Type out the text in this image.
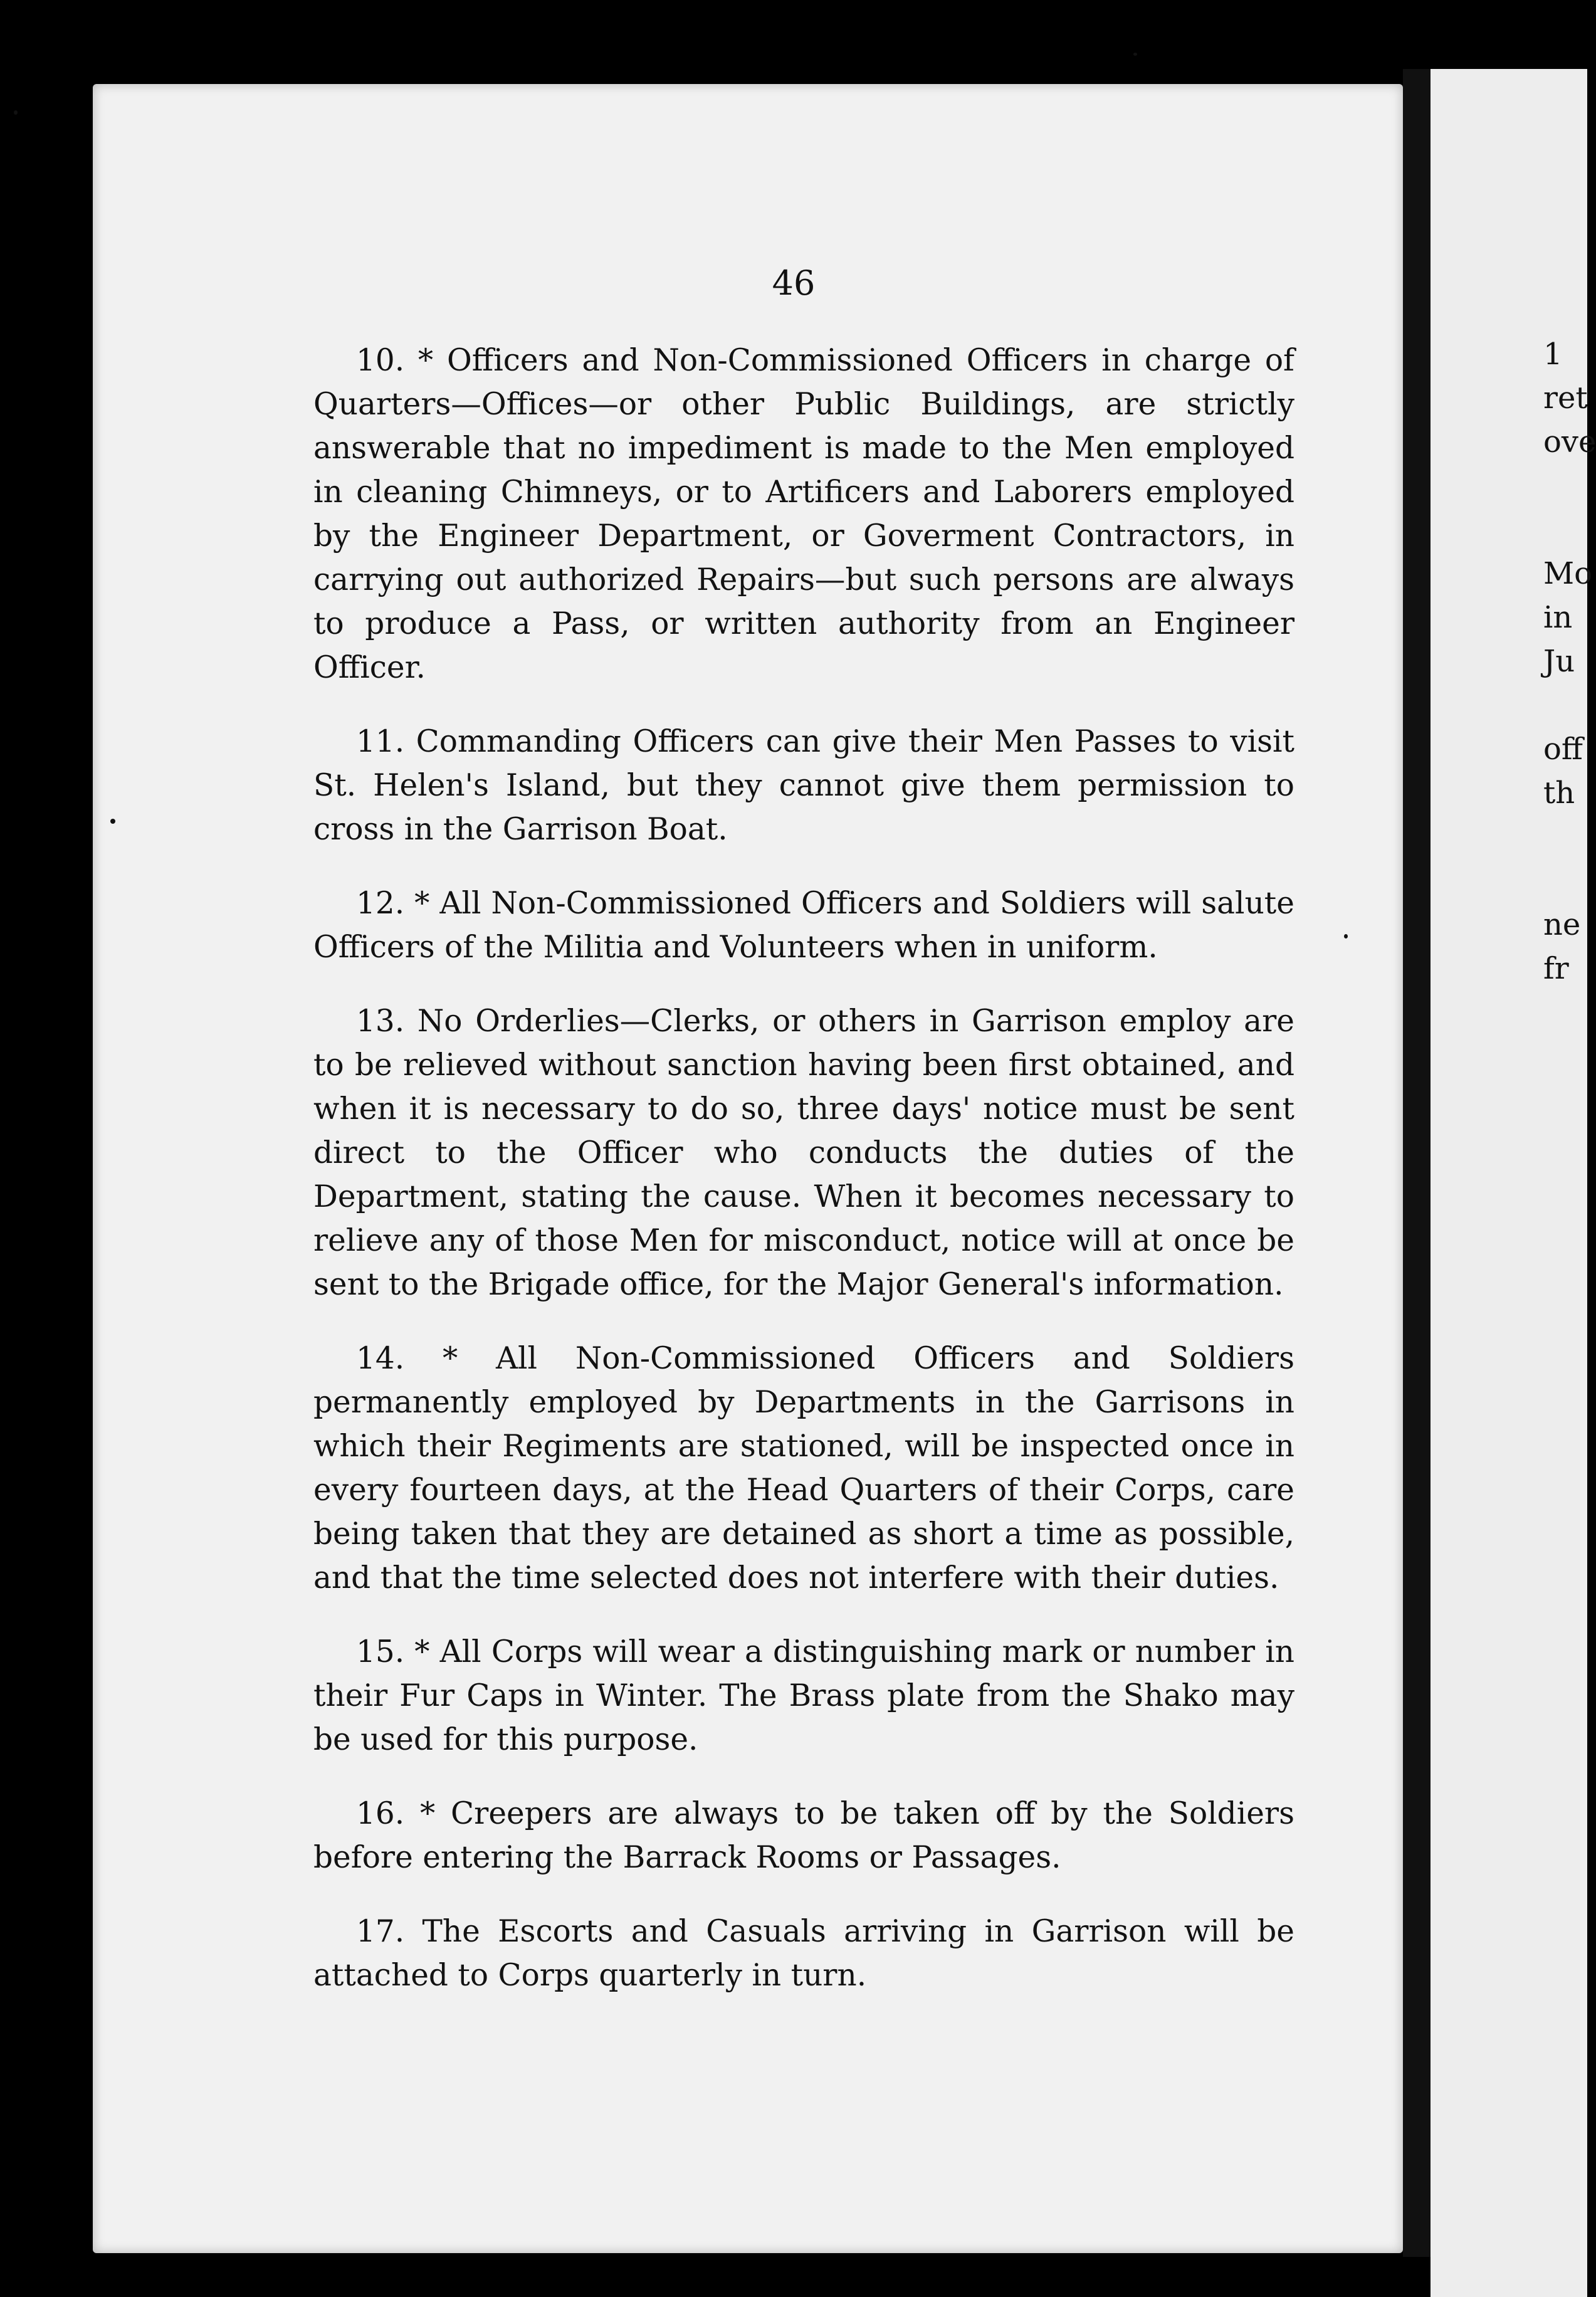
46

10. * Officers and Non-Commissioned Officers in charge of Quarters—Offices—or other Public Buildings, are strictly answerable that no impediment is made to the Men employed in cleaning Chimneys, or to Artificers and Laborers employed by the Engineer Department, or Goverment Contractors, in carrying out authorized Repairs—but such persons are always to produce a Pass, or written authority from an Engineer Officer.

11. Commanding Officers can give their Men Passes to visit St. Helen's Island, but they cannot give them permission to cross in the Garrison Boat.

12. * All Non-Commissioned Officers and Soldiers will salute Officers of the Militia and Volunteers when in uniform.

13. No Orderlies—Clerks, or others in Garrison employ are to be relieved without sanction having been first obtained, and when it is necessary to do so, three days' notice must be sent direct to the Officer who conducts the duties of the Department, stating the cause. When it becomes necessary to relieve any of those Men for misconduct, notice will at once be sent to the Brigade office, for the Major General's information.

14. * All Non-Commissioned Officers and Soldiers permanently employed by Departments in the Garrisons in which their Regiments are stationed, will be inspected once in every fourteen days, at the Head Quarters of their Corps, care being taken that they are detained as short a time as possible, and that the time selected does not interfere with their duties.

15. * All Corps will wear a distinguishing mark or number in their Fur Caps in Winter. The Brass plate from the Shako may be used for this purpose.

16. * Creepers are always to be taken off by the Soldiers before entering the Barrack Rooms or Passages.

17. The Escorts and Casuals arriving in Garrison will be attached to Corps quarterly in turn.

1
ret
ove
Mo
in
Ju
off
th
ne
fr
